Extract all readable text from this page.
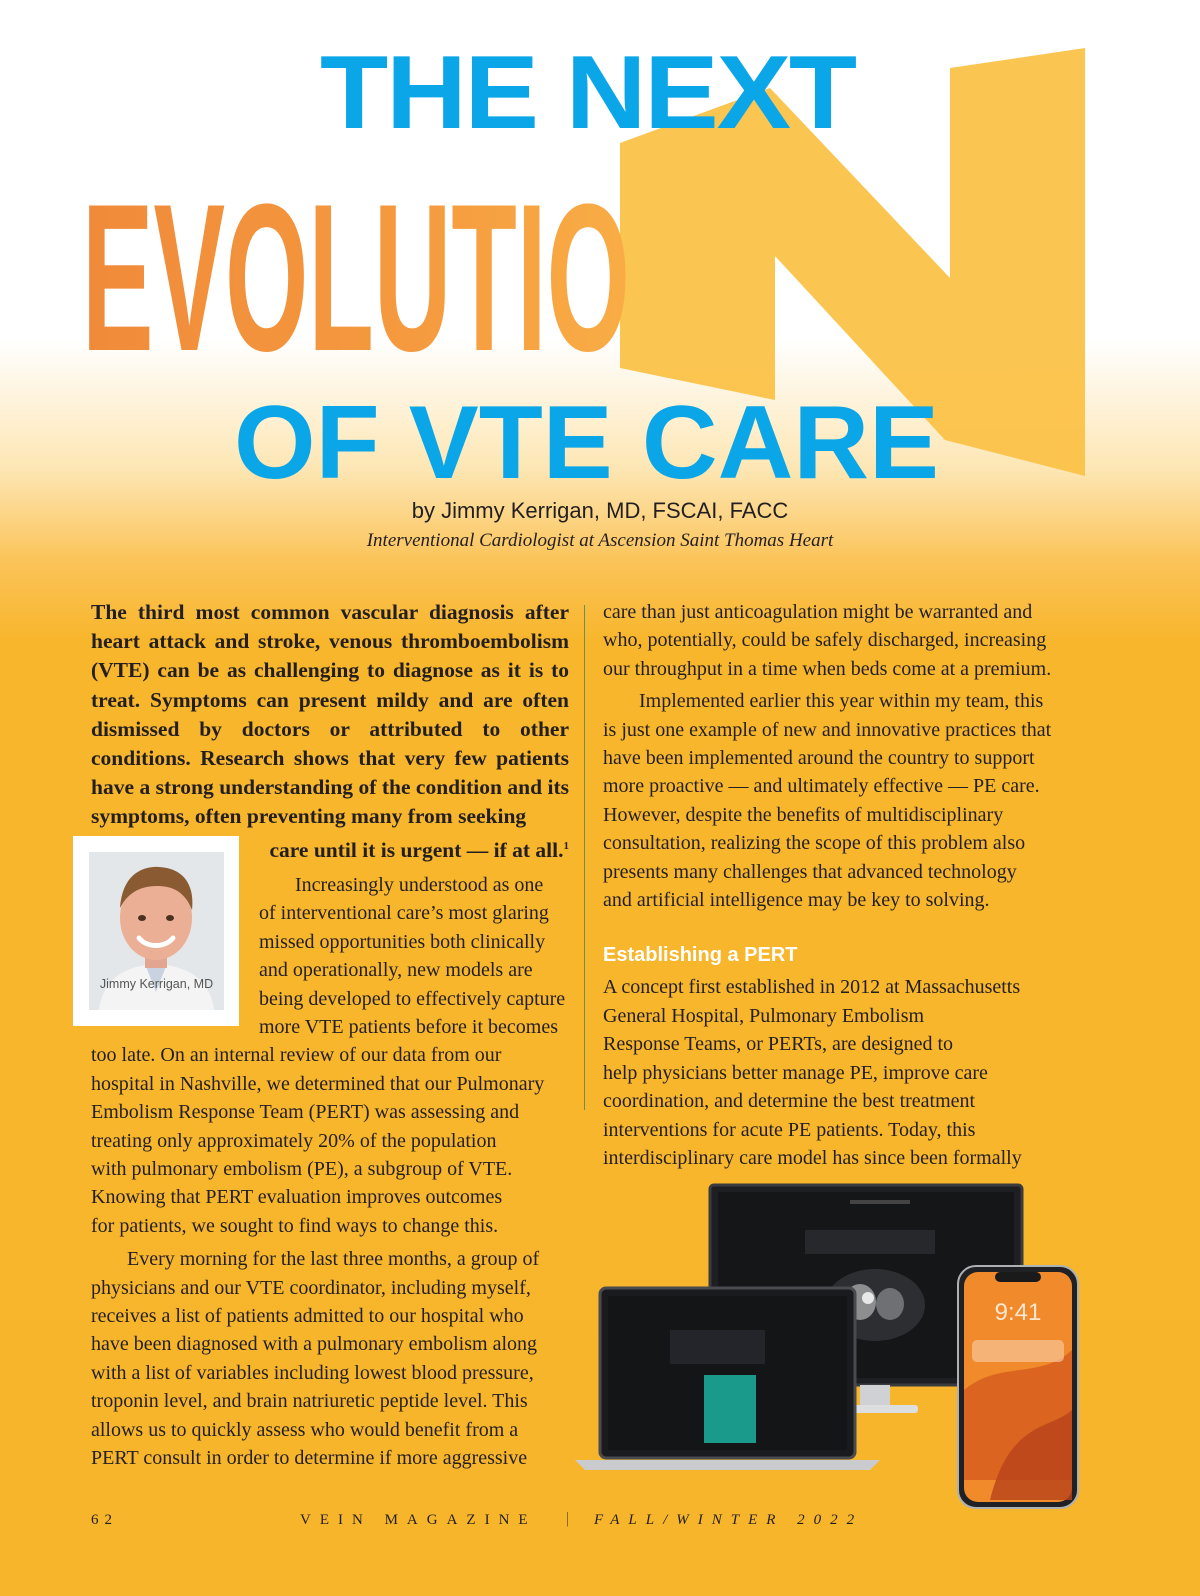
THE NEXT
EVOLUTIO
OF VTE CARE
by Jimmy Kerrigan, MD, FSCAI, FACC
Interventional Cardiologist at Ascension Saint Thomas Heart

The third most common vascular diagnosis after heart attack and stroke, venous thromboembolism (VTE) can be as challenging to diagnose as it is to treat. Symptoms can present mildy and are often dismissed by doctors or attributed to other conditions. Research shows that very few patients have a strong understanding of the condition and its symptoms, often preventing many from seeking

care until it is urgent — if at all.$^1$

Increasingly understood as one
of interventional care’s most glaring
missed opportunities both clinically
and operationally, new models are
being developed to effectively capture
more VTE patients before it becomes
too late. On an internal review of our data from our
hospital in Nashville, we determined that our Pulmonary
Embolism Response Team (PERT) was assessing and
treating only approximately 20% of the population
with pulmonary embolism (PE), a subgroup of VTE.
Knowing that PERT evaluation improves outcomes
for patients, we sought to find ways to change this.
Every morning for the last three months, a group of
physicians and our VTE coordinator, including myself,
receives a list of patients admitted to our hospital who
have been diagnosed with a pulmonary embolism along
with a list of variables including lowest blood pressure,
troponin level, and brain natriuretic peptide level. This
allows us to quickly assess who would benefit from a
PERT consult in order to determine if more aggressive
Jimmy Kerrigan, MD
care than just anticoagulation might be warranted and
who, potentially, could be safely discharged, increasing
our throughput in a time when beds come at a premium.
Implemented earlier this year within my team, this
is just one example of new and innovative practices that
have been implemented around the country to support
more proactive — and ultimately effective — PE care.
However, despite the benefits of multidisciplinary
consultation, realizing the scope of this problem also
presents many challenges that advanced technology
and artificial intelligence may be key to solving.
Establishing a PERT
A concept first established in 2012 at Massachusetts
General Hospital, Pulmonary Embolism
Response Teams, or PERTs, are designed to
help physicians better manage PE, improve care
coordination, and determine the best treatment
interventions for acute PE patients. Today, this
interdisciplinary care model has since been formally
9:41
62	VEIN MAGAZINE | FALL/WINTER 2022
